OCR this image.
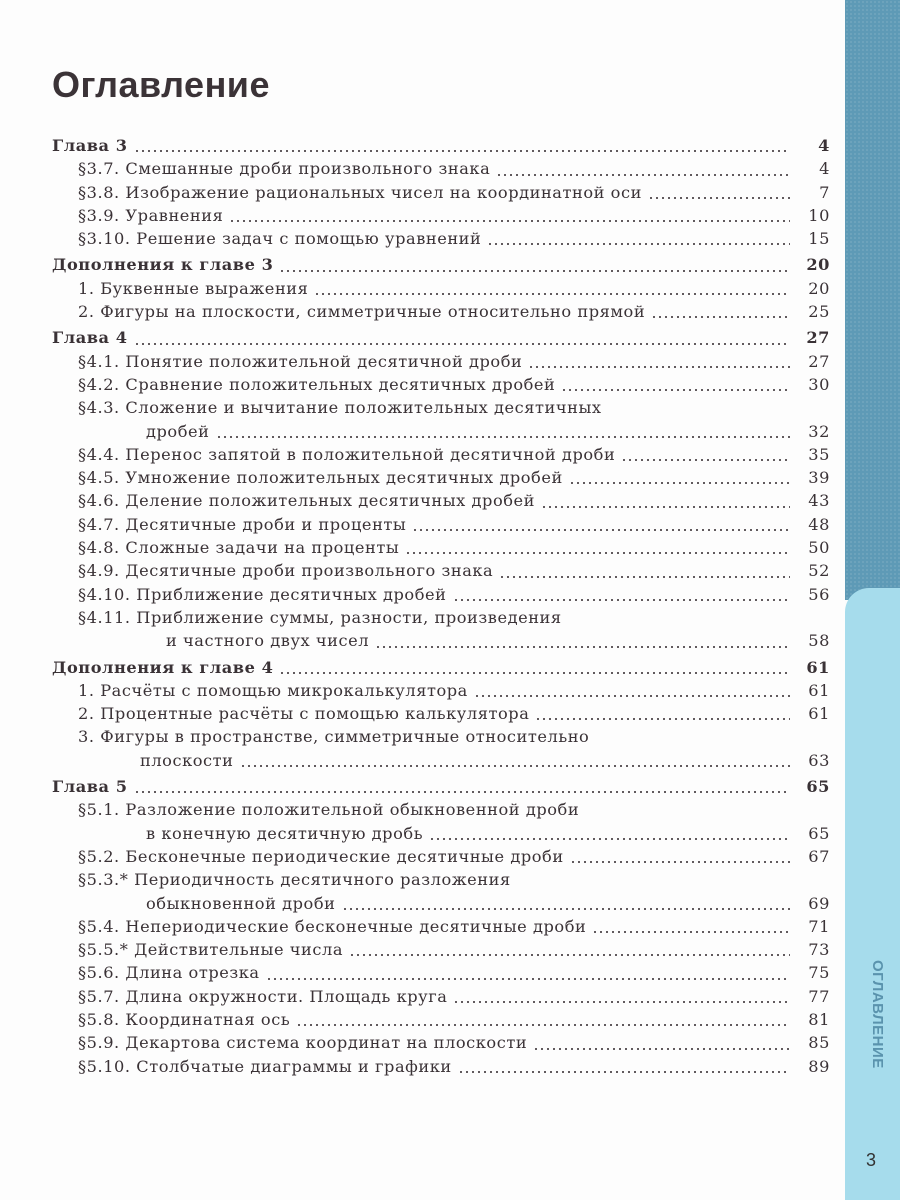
Оглавление
Глава 3	4
§3.7. Смешанные дроби произвольного знака	4
§3.8. Изображение рациональных чисел на координатной оси	7
§3.9. Уравнения	10
§3.10. Решение задач с помощью уравнений	15
Дополнения к главе 3	20
1. Буквенные выражения	20
2. Фигуры на плоскости, симметричные относительно прямой	25
Глава 4	27
§4.1. Понятие положительной десятичной дроби	27
§4.2. Сравнение положительных десятичных дробей	30
§4.3. Сложение и вычитание положительных десятичных
дробей	32
§4.4. Перенос запятой в положительной десятичной дроби	35
§4.5. Умножение положительных десятичных дробей	39
§4.6. Деление положительных десятичных дробей	43
§4.7. Десятичные дроби и проценты	48
§4.8. Сложные задачи на проценты	50
§4.9. Десятичные дроби произвольного знака	52
§4.10. Приближение десятичных дробей	56
§4.11. Приближение суммы, разности, произведения
и частного двух чисел	58
Дополнения к главе 4	61
1. Расчёты с помощью микрокалькулятора	61
2. Процентные расчёты с помощью калькулятора	61
3. Фигуры в пространстве, симметричные относительно
плоскости	63
Глава 5	65
§5.1. Разложение положительной обыкновенной дроби
в конечную десятичную дробь	65
§5.2. Бесконечные периодические десятичные дроби	67
§5.3.* Периодичность десятичного разложения
обыкновенной дроби	69
§5.4. Непериодические бесконечные десятичные дроби	71
§5.5.* Действительные числа	73
§5.6. Длина отрезка	75
§5.7. Длина окружности. Площадь круга	77
§5.8. Координатная ось	81
§5.9. Декартова система координат на плоскости	85
§5.10. Столбчатые диаграммы и графики	89	ОГЛАВЛЕНИЕ
3
